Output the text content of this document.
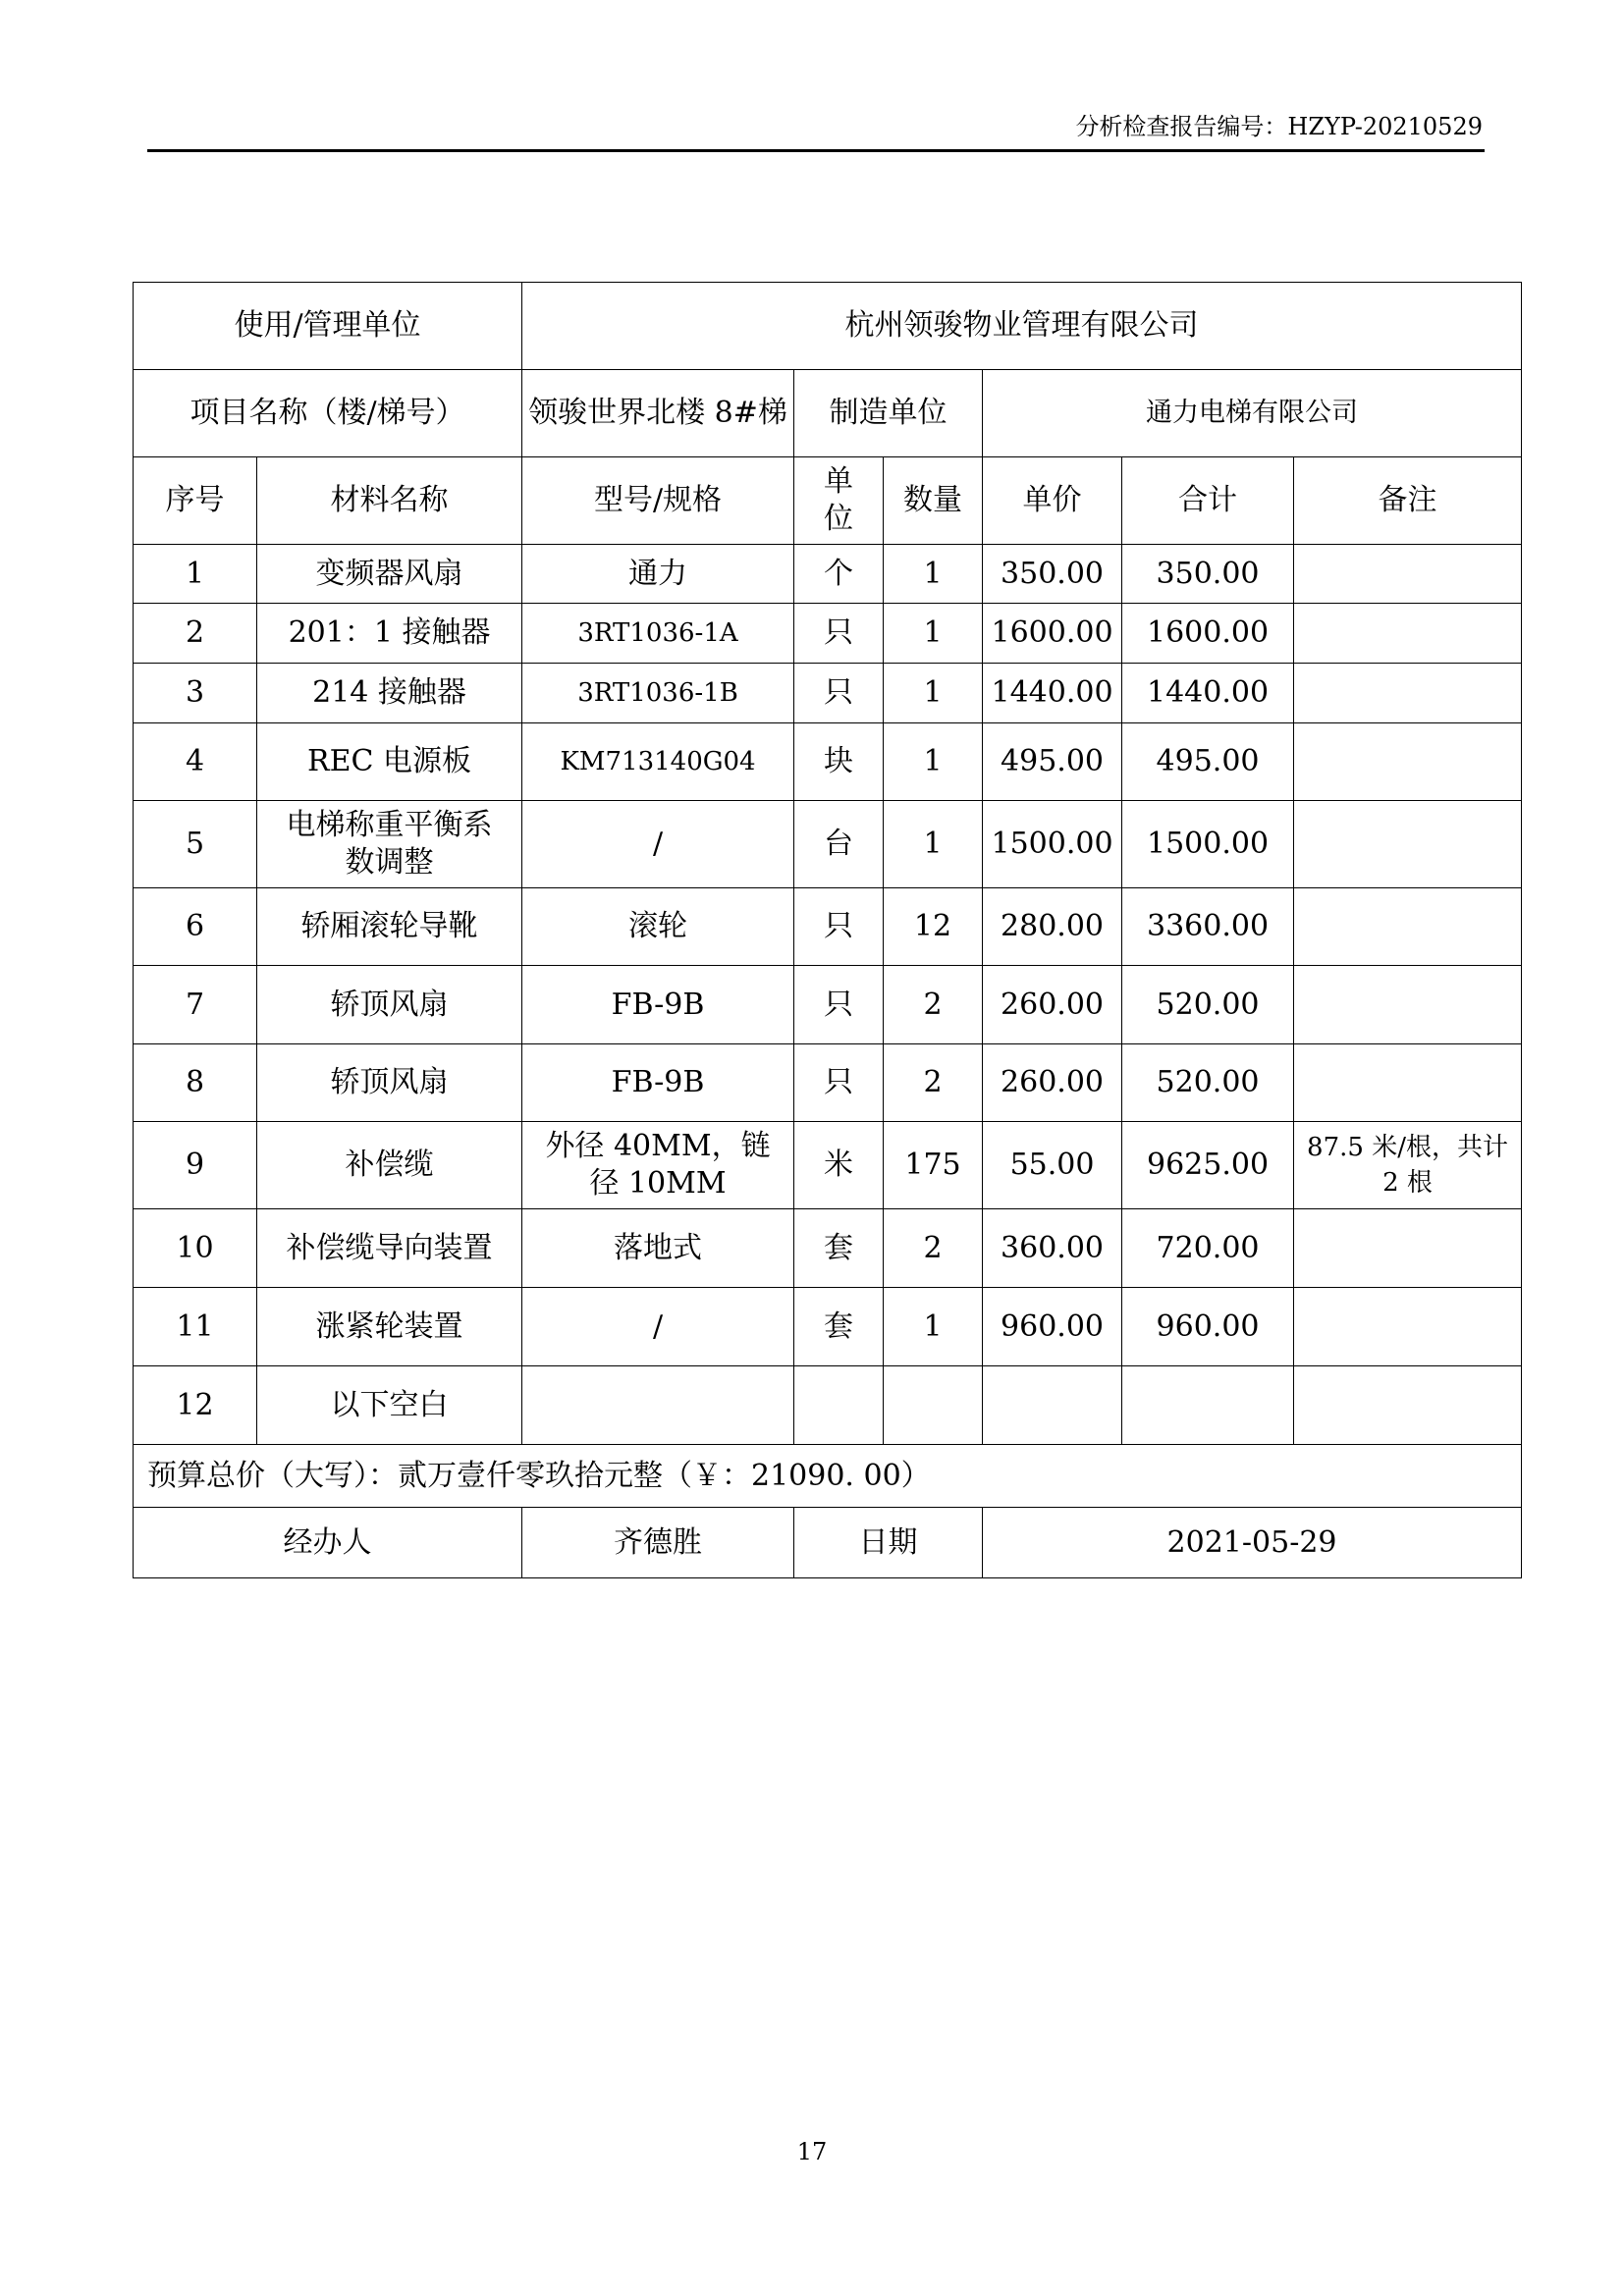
分析检查报告编号：HZYP-20210529
使用/管理单位		杭州领骏物业管理有限公司					
项目名称（楼/梯号）		领骏世界北楼 8#梯	制造单位		通力电梯有限公司		
序号	材料名称	型号/规格	单位	数量	单价	合计	备注
1	变频器风扇	通力	个	1	350.00	350.00	
2	201：1 接触器	3RT1036-1A	只	1	1600.00	1600.00	
3	214 接触器	3RT1036-1B	只	1	1440.00	1440.00	
4	REC 电源板	KM713140G04	块	1	495.00	495.00	
5	电梯称重平衡系数调整	/	台	1	1500.00	1500.00	
6	轿厢滚轮导靴	滚轮	只	12	280.00	3360.00	
7	轿顶风扇	FB-9B	只	2	260.00	520.00	
8	轿顶风扇	FB-9B	只	2	260.00	520.00	
9	补偿缆	外径 40MM，链径 10MM	米	175	55.00	9625.00	87.5 米/根，共计 2 根
10	补偿缆导向装置	落地式	套	2	360.00	720.00	
11	涨紧轮装置	/	套	1	960.00	960.00	
12	以下空白						
预算总价（大写）：贰万壹仟零玖拾元整（￥：21090. 00）							
经办人		齐德胜	日期		2021-05-29		
17
